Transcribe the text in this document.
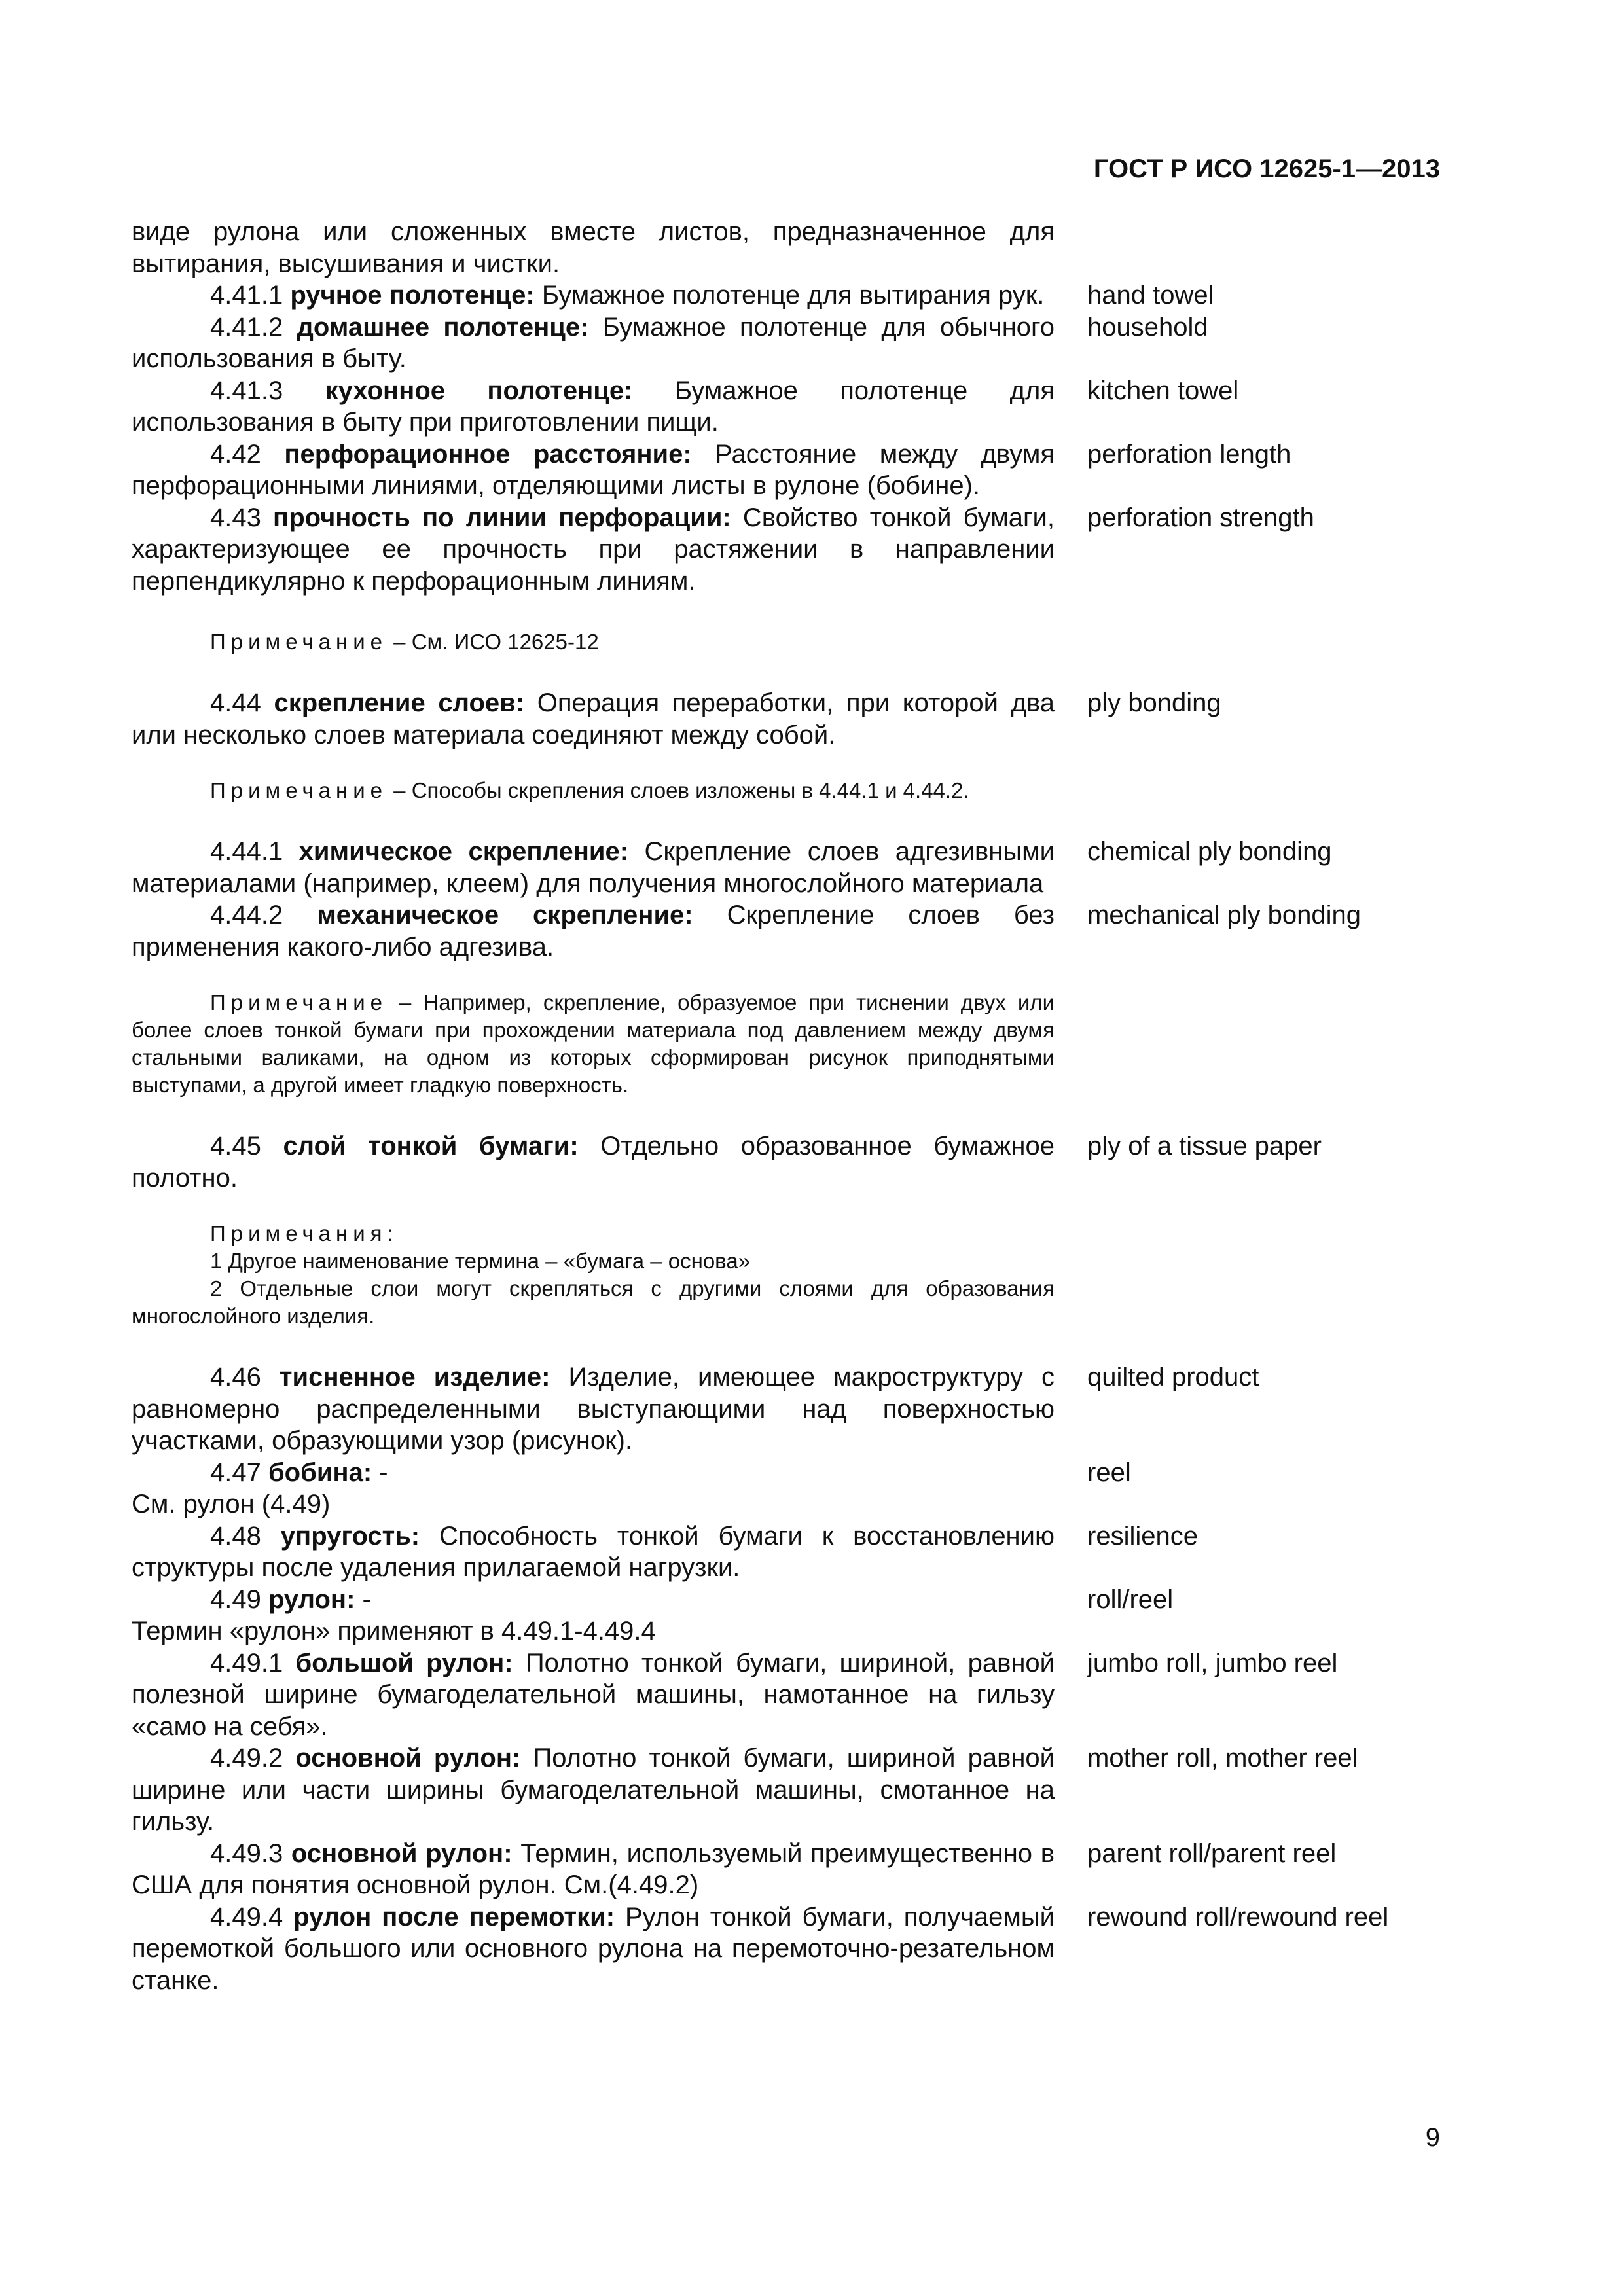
ГОСТ Р ИСО 12625-1—2013
виде рулона или сложенных вместе листов, предназначенное для вытирания, высушивания и чистки.
4.41.1 ручное полотенце: Бумажное полотенце для вытирания рук.	hand towel
4.41.2 домашнее полотенце: Бумажное полотенце для обычного использования в быту.
household
4.41.3 кухонное полотенце: Бумажное полотенце для использования в быту при приготовлении пищи.
kitchen towel
4.42 перфорационное расстояние: Расстояние между двумя перфорационными линиями, отделяющими листы в рулоне (бобине).
perforation length
4.43 прочность по линии перфорации: Свойство тонкой бумаги, характеризующее ее прочность при растяжении в направлении перпендикулярно к перфорационным линиям.
perforation strength
Примечание – См. ИСО 12625-12
4.44 скрепление слоев: Операция переработки, при которой два или несколько слоев материала соединяют между собой.
ply bonding
Примечание – Способы скрепления слоев изложены в 4.44.1 и 4.44.2.
4.44.1 химическое скрепление: Скрепление слоев адгезивными материалами (например, клеем) для получения многослойного материала
chemical ply bonding
4.44.2 механическое скрепление: Скрепление слоев без применения какого-либо адгезива.
mechanical ply bonding
Примечание – Например, скрепление, образуемое при тиснении двух или более слоев тонкой бумаги при прохождении материала под давлением между двумя стальными валиками, на одном из которых сформирован рисунок приподнятыми выступами, а другой имеет гладкую поверхность.
4.45 слой тонкой бумаги: Отдельно образованное бумажное полотно.
ply of a tissue paper
Примечания:
1 Другое наименование термина – «бумага – основа»
2 Отдельные слои могут скрепляться с другими слоями для образования многослойного изделия.
4.46 тисненное изделие: Изделие, имеющее макроструктуру с равномерно распределенными выступающими над поверхностью участками, образующими узор (рисунок).
quilted product
4.47 бобина: -
См. рулон (4.49)
reel
4.48 упругость: Способность тонкой бумаги к восстановлению структуры после удаления прилагаемой нагрузки.
resilience
4.49 рулон: -
Термин «рулон» применяют в 4.49.1-4.49.4
roll/reel
4.49.1 большой рулон: Полотно тонкой бумаги, шириной, равной полезной ширине бумагоделательной машины, намотанное на гильзу «само на себя».
jumbo roll, jumbo reel
4.49.2 основной рулон: Полотно тонкой бумаги, шириной равной ширине или части ширины бумагоделательной машины, смотанное на гильзу.
mother roll, mother reel
4.49.3 основной рулон: Термин, используемый преимущественно в США для понятия основной рулон. См.(4.49.2)
parent roll/parent reel
4.49.4 рулон после перемотки: Рулон тонкой бумаги, получаемый перемоткой большого или основного рулона на перемоточно-резательном станке.
rewound roll/rewound reel
9
